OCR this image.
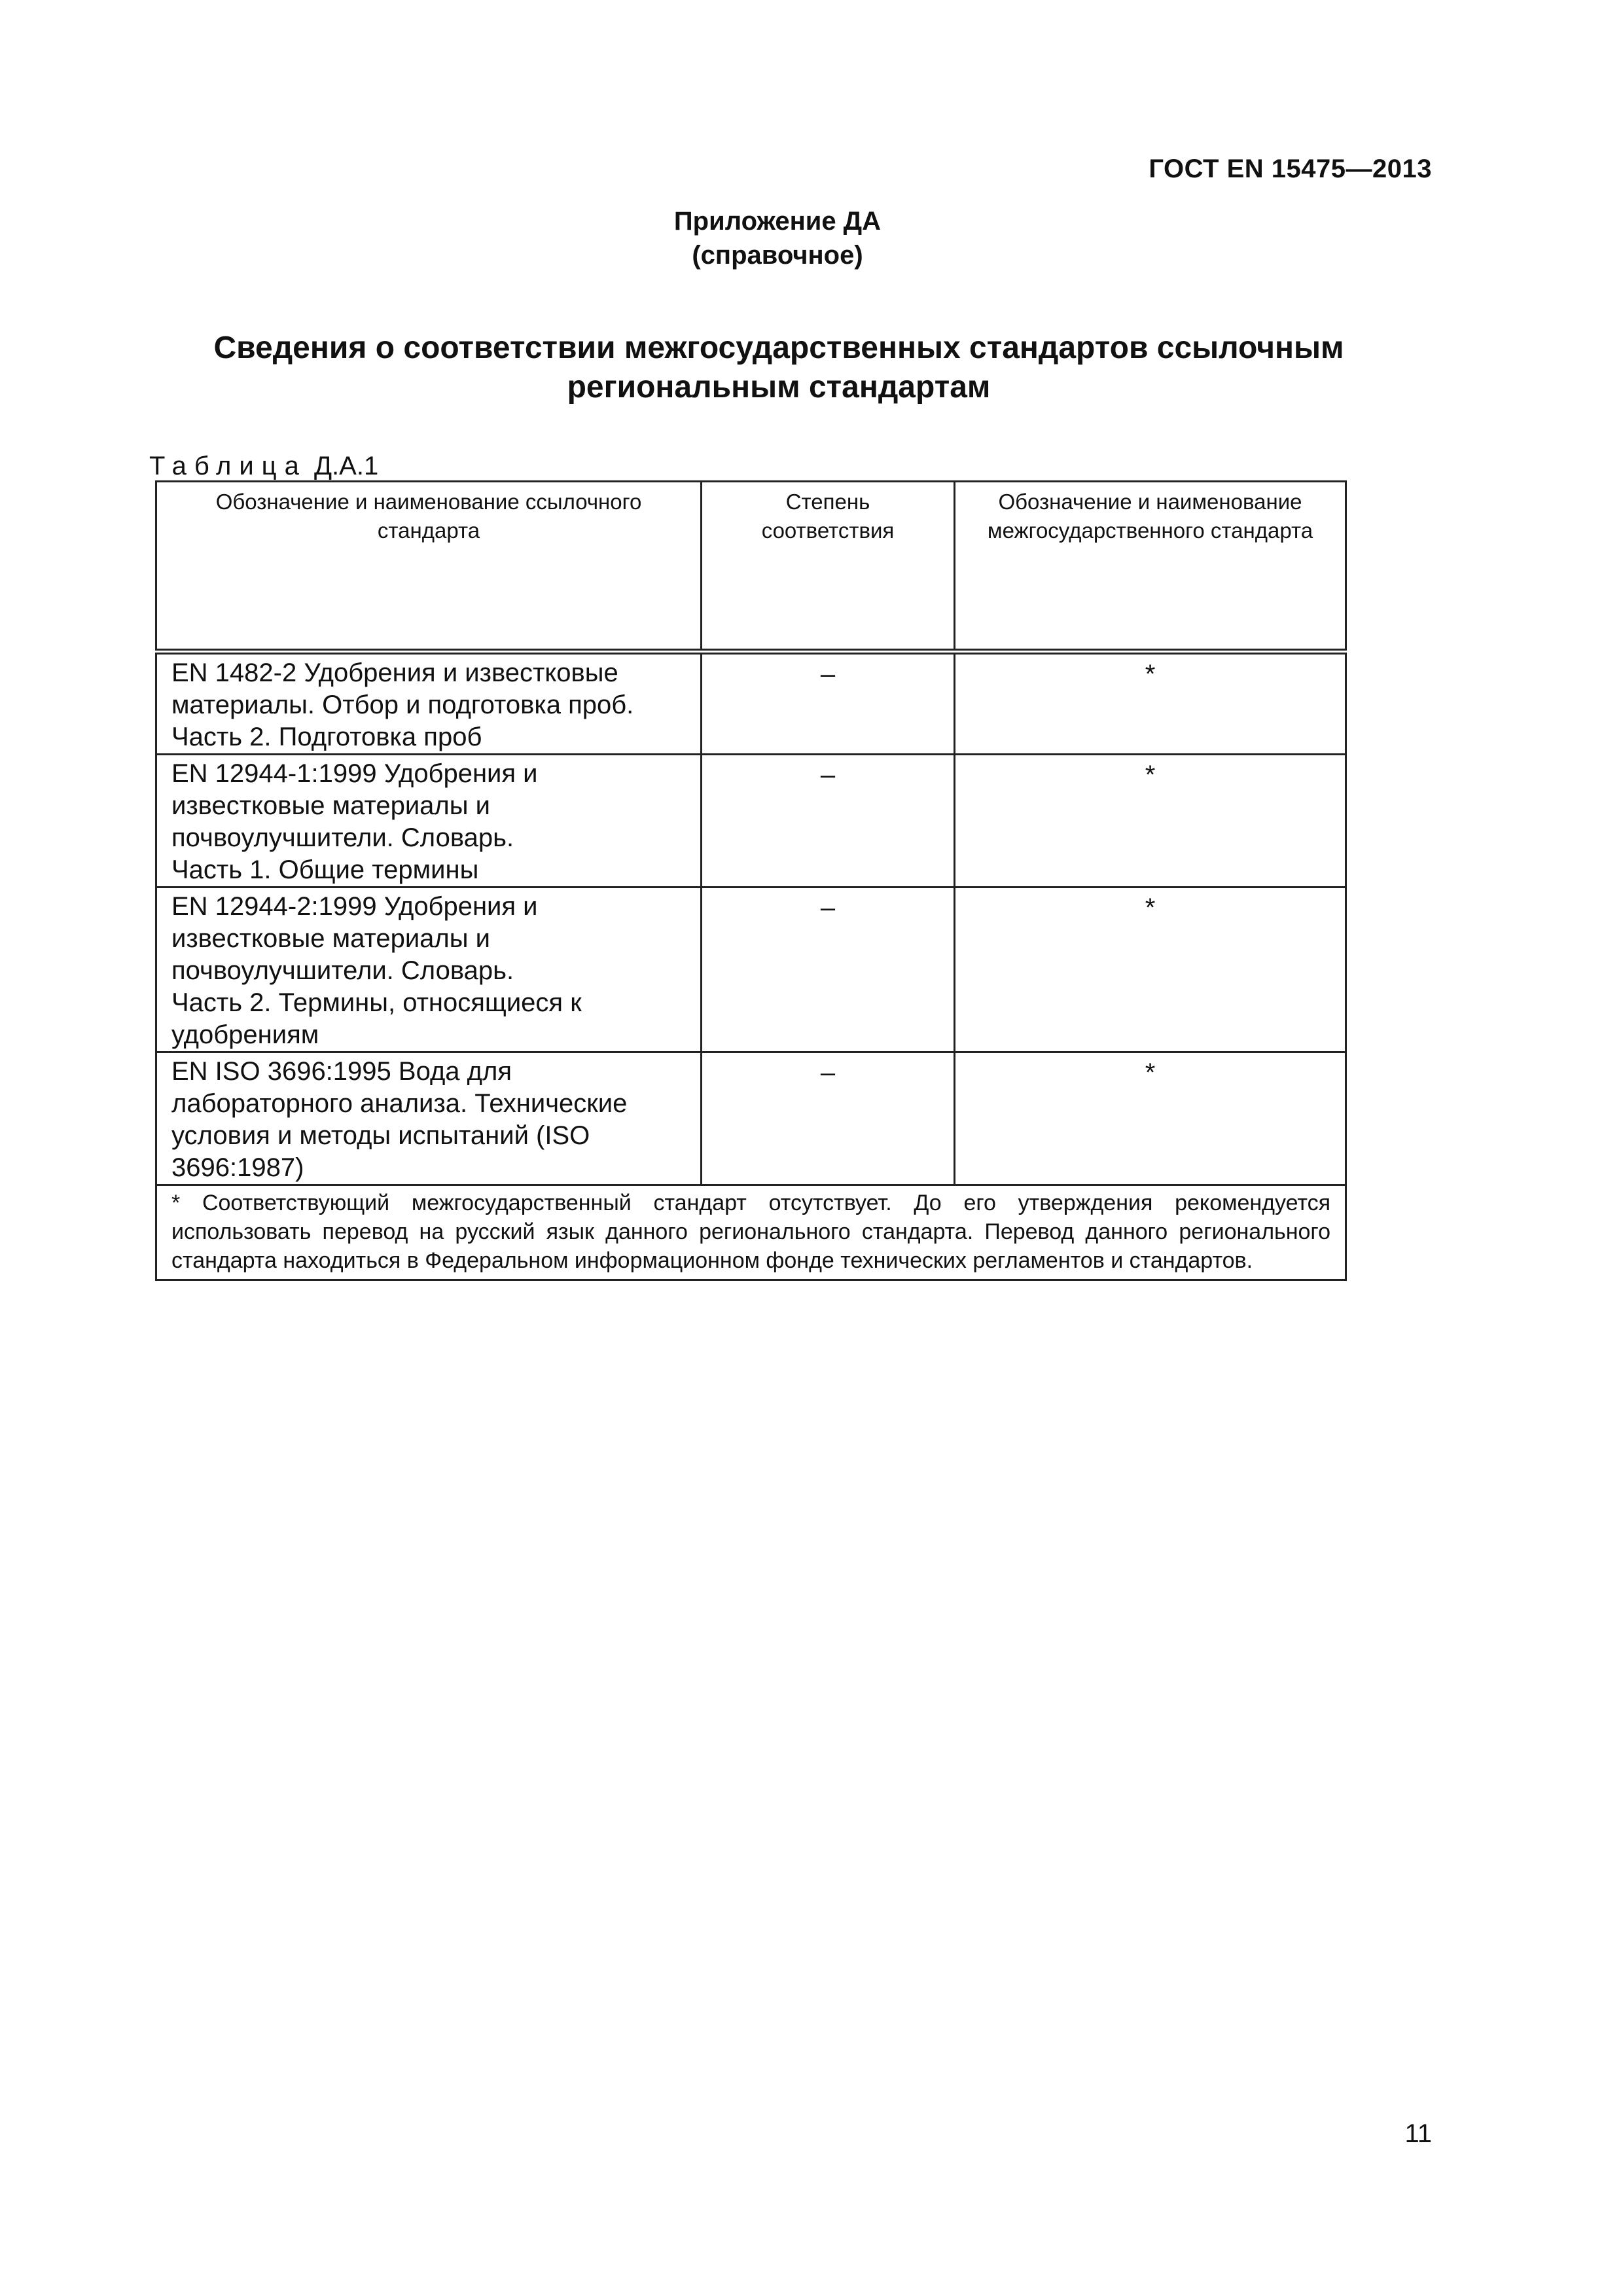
ГОСТ EN 15475—2013
Приложение ДА
(справочное)
Сведения о соответствии межгосударственных стандартов ссылочным
региональным стандартам
Таблица Д.А.1
Обозначение и наименование ссылочного стандарта	Степень соответствия	Обозначение и наименование межгосударственного стандарта

EN 1482-2 Удобрения и известковые
материалы. Отбор и подготовка проб.
Часть 2. Подготовка проб	–	*

EN 12944-1:1999 Удобрения и
известковые материалы и
почвоулучшители. Словарь.
Часть 1. Общие термины	–	*

EN 12944-2:1999 Удобрения и
известковые материалы и
почвоулучшители. Словарь.
Часть 2. Термины, относящиеся к
удобрениям	–	*

EN ISO 3696:1995 Вода для
лабораторного анализа. Технические
условия и методы испытаний (ISO
3696:1987)	–	*
* Соответствующий межгосударственный стандарт отсутствует. До его утверждения рекомендуется использовать перевод на русский язык данного регионального стандарта. Перевод данного регионального стандарта находиться в Федеральном информационном фонде технических регламентов и стандартов.		
11
